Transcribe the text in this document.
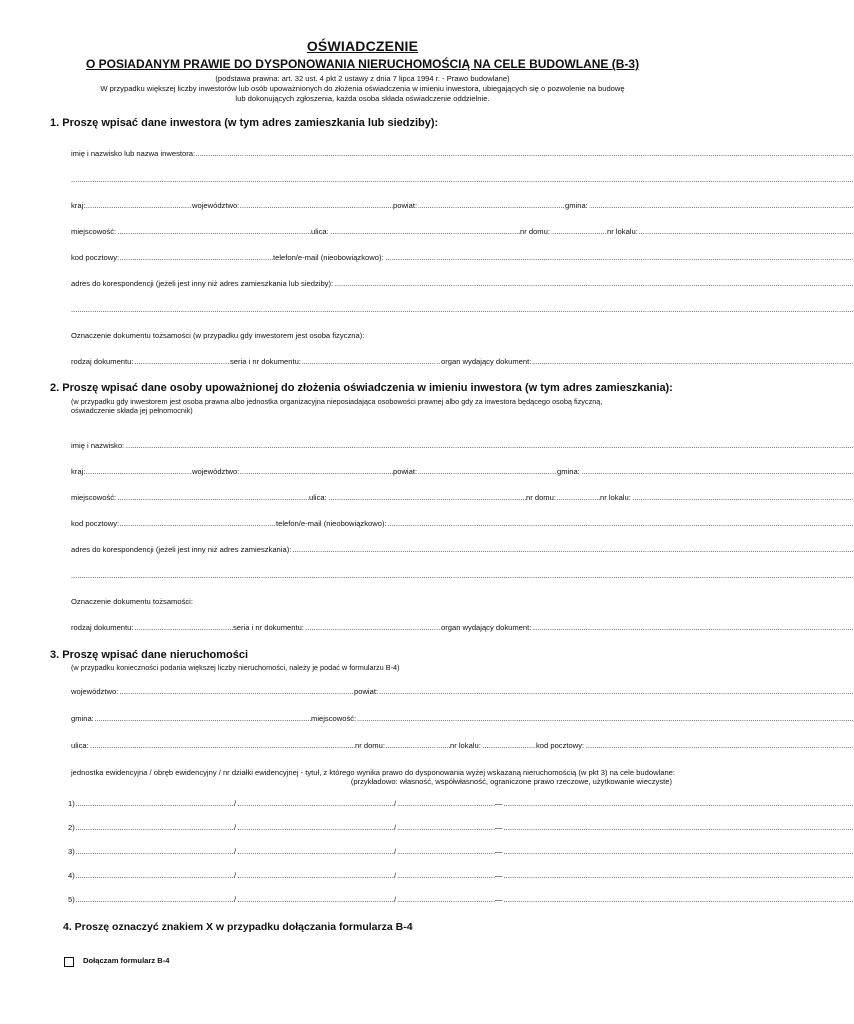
OŚWIADCZENIE
O POSIADANYM PRAWIE DO DYSPONOWANIA NIERUCHOMOŚCIĄ NA CELE BUDOWLANE (B-3)
(podstawa prawna: art. 32 ust. 4 pkt 2 ustawy z dnia 7 lipca 1994 r. - Prawo budowlane)
W przypadku większej liczby inwestorów lub osób upoważnionych do złożenia oświadczenia w imieniu inwestora, ubiegających się o pozwolenie na budowę
lub dokonujących zgłoszenia, każda osoba składa oświadczenie oddzielnie.
1. Proszę wpisać dane inwestora (w tym adres zamieszkania lub siedziby):
.....
imię i nazwisko lub nazwa inwestora:
.....
.....
kraj:	województwo:	powiat:	gmina:
.....
miejscowość:	ulica:	nr domu:	nr lokalu:
.....
kod pocztowy:	telefon/e-mail (nieobowiązkowo):
.....
adres do korespondencji (jeżeli jest inny niż adres zamieszkania lub siedziby):
.....
Oznaczenie dokumentu tożsamości (w przypadku gdy inwestorem jest osoba fizyczna):
.....
rodzaj dokumentu:	seria i nr dokumentu:	organ wydający dokument:
2. Proszę wpisać dane osoby upoważnionej do złożenia oświadczenia w imieniu inwestora (w tym adres zamieszkania):
(w przypadku gdy inwestorem jest osoba prawna albo jednostka organizacyjna nieposiadająca osobowości prawnej albo gdy za inwestora będącego osobą fizyczną,
oświadczenie składa jej pełnomocnik)
.....
imię i nazwisko:
.....
kraj:	województwo:	powiat:	gmina:
.....
miejscowość:	ulica:	nr domu:	nr lokalu:
.....
kod pocztowy:	telefon/e-mail (nieobowiązkowo):
.....
adres do korespondencji (jeżeli jest inny niż adres zamieszkania):
.....
Oznaczenie dokumentu tożsamości:
.....
rodzaj dokumentu:	seria i nr dokumentu:	organ wydający dokument:
3. Proszę wpisać dane nieruchomości
(w przypadku konieczności podania większej liczby nieruchomości, należy je podać w formularzu B-4)
.....
województwo:	powiat:
.....
gmina:	miejscowość:
.....
ulica:	nr domu:	nr lokalu:	kod pocztowy:
jednostka ewidencyjna / obręb ewidencyjny / nr działki ewidencyjnej - tytuł, z którego wynika prawo do dysponowania wyżej wskazaną nieruchomością (w pkt 3) na cele budowlane:
(przykładowo: własność, współwłasność, ograniczone prawo rzeczowe, użytkowanie wieczyste)
.....
1)	/	/	—
.....
2)	/	/	—
.....
3)	/	/	—
.....
4)	/	/	—
.....
5)	/	/	—
4. Proszę oznaczyć znakiem X w przypadku dołączania formularza B-4
Dołączam formularz B-4
